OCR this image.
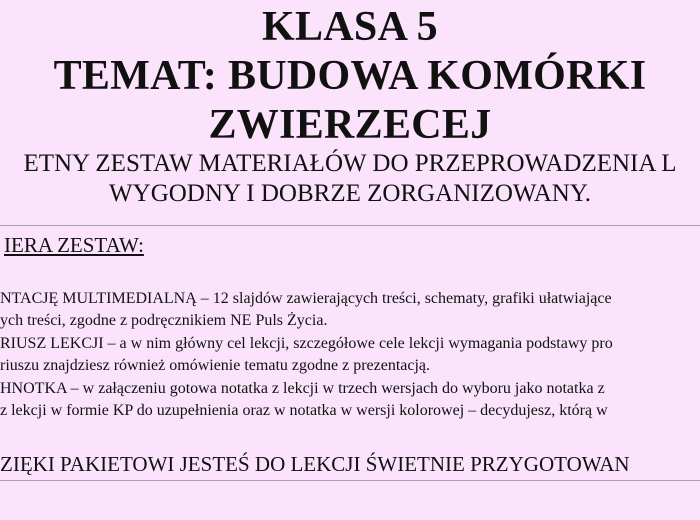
KLASA 5
TEMAT: BUDOWA KOMÓRKI
ZWIERZECEJ
ETNY ZESTAW MATERIAŁÓW DO PRZEPROWADZENIA L
WYGODNY I DOBRZE ZORGANIZOWANY.
IERA ZESTAW:
NTACJĘ MULTIMEDIALNĄ – 12 slajdów zawierających treści, schematy, grafiki ułatwiające
ych treści, zgodne z podręcznikiem NE Puls Życia.
RIUSZ LEKCJI – a w nim główny cel lekcji, szczegółowe cele lekcji wymagania podstawy pro
riuszu znajdziesz również omówienie tematu zgodne z prezentacją.
HNOTKA – w załączeniu gotowa notatka z lekcji w trzech wersjach do wyboru jako notatka z
z lekcji w formie KP do uzupełnienia oraz w notatka w wersji kolorowej – decydujesz, którą w
ZIĘKI PAKIETOWI JESTEŚ DO LEKCJI ŚWIETNIE PRZYGOTOWAN
